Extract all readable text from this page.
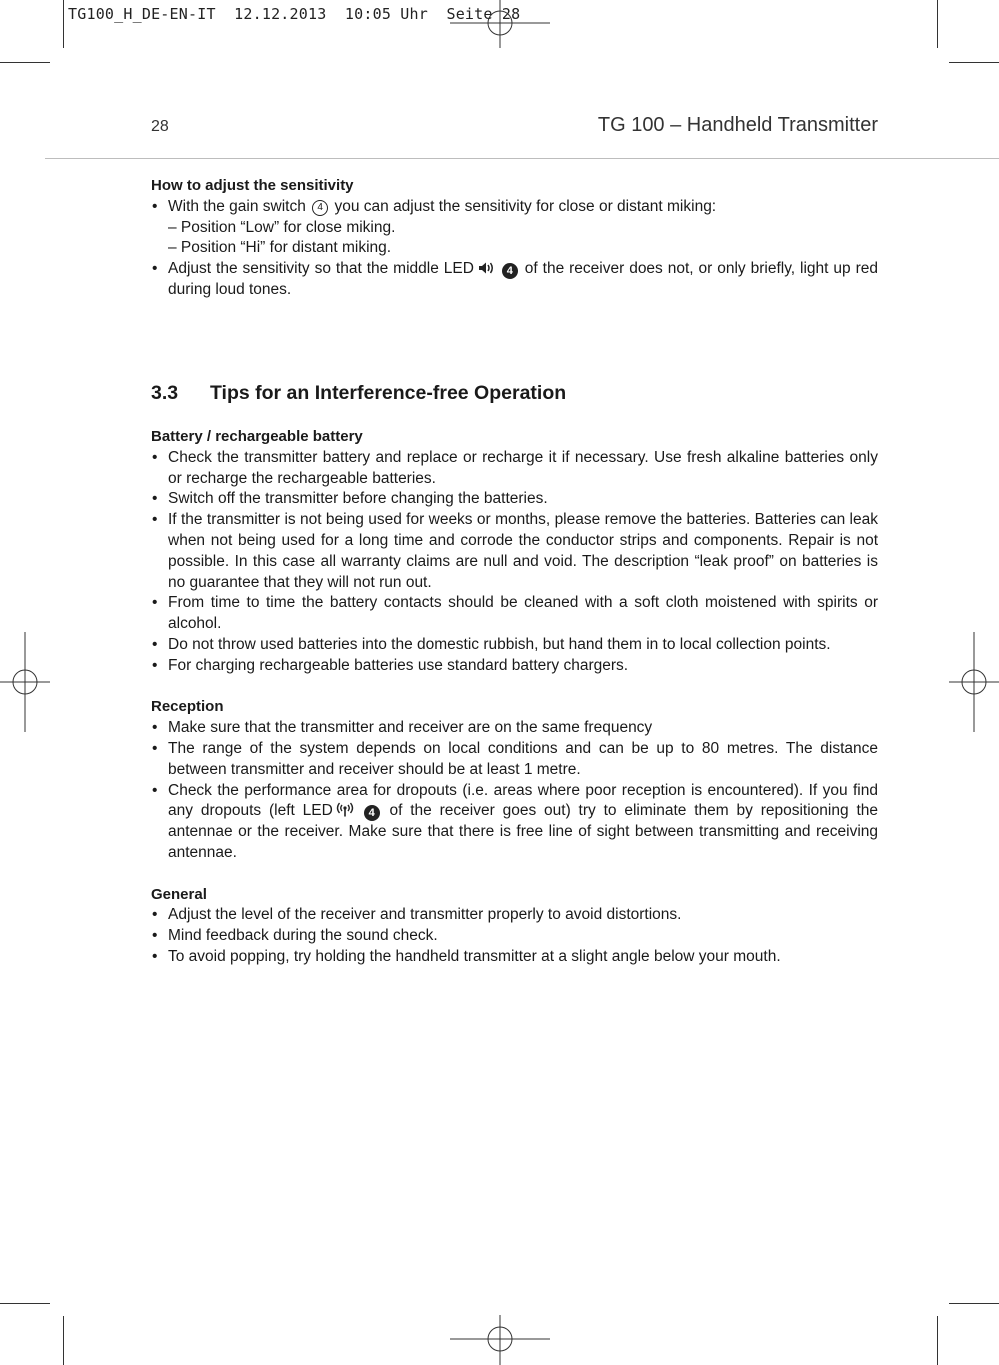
TG100_H_DE-EN-IT  12.12.2013  10:05 Uhr  Seite 28
28	TG 100 – Handheld Transmitter

How to adjust the sensitivity

• With the gain switch 4 you can adjust the sensitivity for close or distant miking:
– Position “Low” for close miking.
– Position “Hi” for distant miking.
• Adjust the sensitivity so that the middle LED	4 of the receiver does not, or only briefly, light up red during loud tones.
3.3 Tips for an Interference-free Operation

Battery / rechargeable battery

• Check the transmitter battery and replace or recharge it if necessary. Use fresh alkaline batteries only or recharge the rechargeable batteries.
• Switch off the transmitter before changing the batteries.
• If the transmitter is not being used for weeks or months, please remove the batteries. Batteries can leak when not being used for a long time and corrode the conductor strips and components. Repair is not possible. In this case all warranty claims are null and void. The description “leak proof” on batteries is no guarantee that they will not run out.
• From time to time the battery contacts should be cleaned with a soft cloth moistened with spirits or alcohol.
• Do not throw used batteries into the domestic rubbish, but hand them in to local collection points.
• For charging rechargeable batteries use standard battery chargers.

Reception

• Make sure that the transmitter and receiver are on the same frequency
• The range of the system depends on local conditions and can be up to 80 metres. The distance between transmitter and receiver should be at least 1 metre.
• Check the performance area for dropouts (i.e. areas where poor reception is encountered). If you find any dropouts (left LED	4 of the receiver goes out) try to eliminate them by repositioning the antennae or the receiver. Make sure that there is free line of sight between transmitting and receiving antennae.

General

• Adjust the level of the receiver and transmitter properly to avoid distortions.
• Mind feedback during the sound check.
• To avoid popping, try holding the handheld transmitter at a slight angle below your mouth.
